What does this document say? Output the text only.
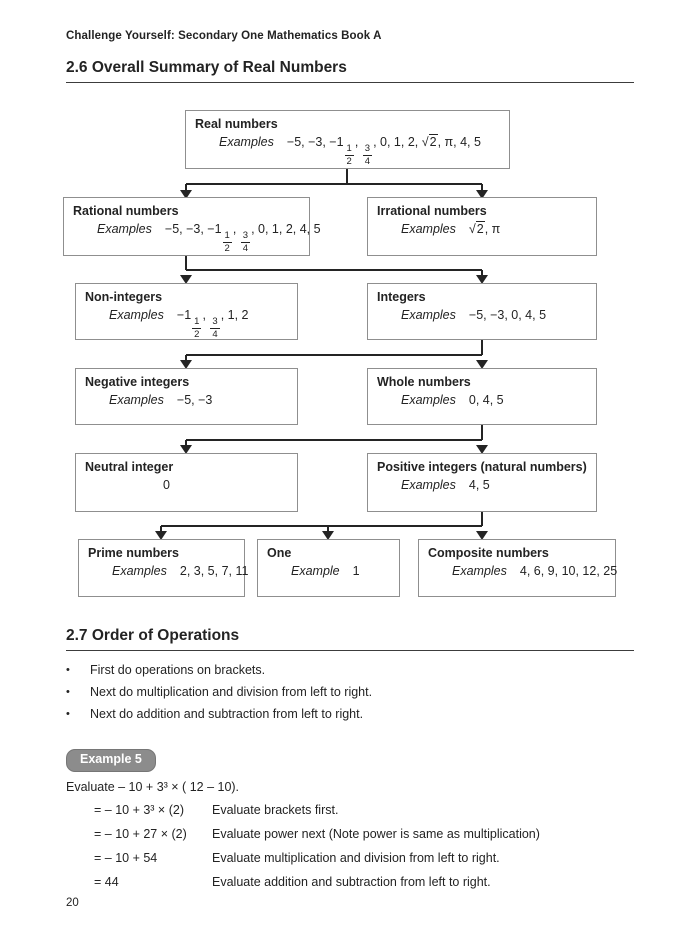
Challenge Yourself: Secondary One Mathematics Book A
2.6 Overall Summary of Real Numbers
Real numbers
Examples −5, −3, −1
$\frac{1}{2}$
,
$\frac{3}{4}$
, 0, 1, 2, √2, π, 4, 5
Rational numbers
Examples −5, −3, −1
$\frac{1}{2}$
,
$\frac{3}{4}$
, 0, 1, 2, 4, 5
Irrational numbers
Examples √2, π
Non-integers
Examples −1
$\frac{1}{2}$
,
$\frac{3}{4}$
, 1, 2
Integers
Examples −5, −3, 0, 4, 5
Negative integers
Examples −5, −3
Whole numbers
Examples 0, 4, 5
Neutral integer
0
Positive integers (natural numbers)
Examples 4, 5
Prime numbers
Examples 2, 3, 5, 7, 11
One
Example 1
Composite numbers
Examples 4, 6, 9, 10, 12, 25
2.7 Order of Operations
•	First do operations on brackets.
•	Next do multiplication and division from left to right.
•	Next do addition and subtraction from left to right.
Example 5
Evaluate – 10 + 3³ × ( 12 – 10).
= – 10 + 3³ × (2)	Evaluate brackets first.
= – 10 + 27 × (2)	Evaluate power next (Note power is same as multiplication)
= – 10 + 54	Evaluate multiplication and division from left to right.
= 44	Evaluate addition and subtraction from left to right.
20
